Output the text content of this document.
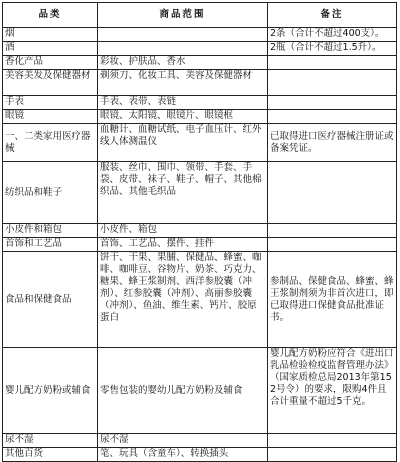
品类	商品范围	备注
烟		2条（合计不超过400支）。
酒		2瓶（合计不超过1.5升）。
香化产品	彩妆、护肤品、香水	
美容美发及保健器材	剃须刀、化妆工具、美容及保健器材	
手表	手表、表带、表链	
眼镜	眼镜、太阳镜、眼镜片、眼镜框	
一、二类家用医疗器械	血糖计、血糖试纸、电子血压计、红外线人体测温仪	已取得进口医疗器械注册证或备案凭证。
纺织品和鞋子	服装、丝巾、围巾、领带、手套、手袋、皮带、袜子、鞋子、帽子、其他棉织品、其他毛织品	
小皮件和箱包	小皮件、箱包	
首饰和工艺品	首饰、工艺品、摆件、挂件	
食品和保健食品	饼干、干果、果脯、保健品、蜂蜜、咖啡、咖啡豆、谷物片、奶茶、巧克力、糖果、蜂王浆制剂、西洋参胶囊（冲剂）、红参胶囊（冲剂）、高丽参胶囊（冲剂）、鱼油、维生素、钙片、胶原蛋白	参制品、保健食品、蜂蜜、蜂王浆制剂须为非首次进口，即已取得进口保健食品批准证书。
婴儿配方奶粉或辅食	零售包装的婴幼儿配方奶粉及辅食	婴儿配方奶粉应符合《进出口乳品检验检疫监督管理办法》（国家质检总局2013年第152号令）的要求，限购4件且合计重量不超过5千克。
尿不湿	尿不湿	
其他百货	笔、玩具（含童车）、转换插头	
